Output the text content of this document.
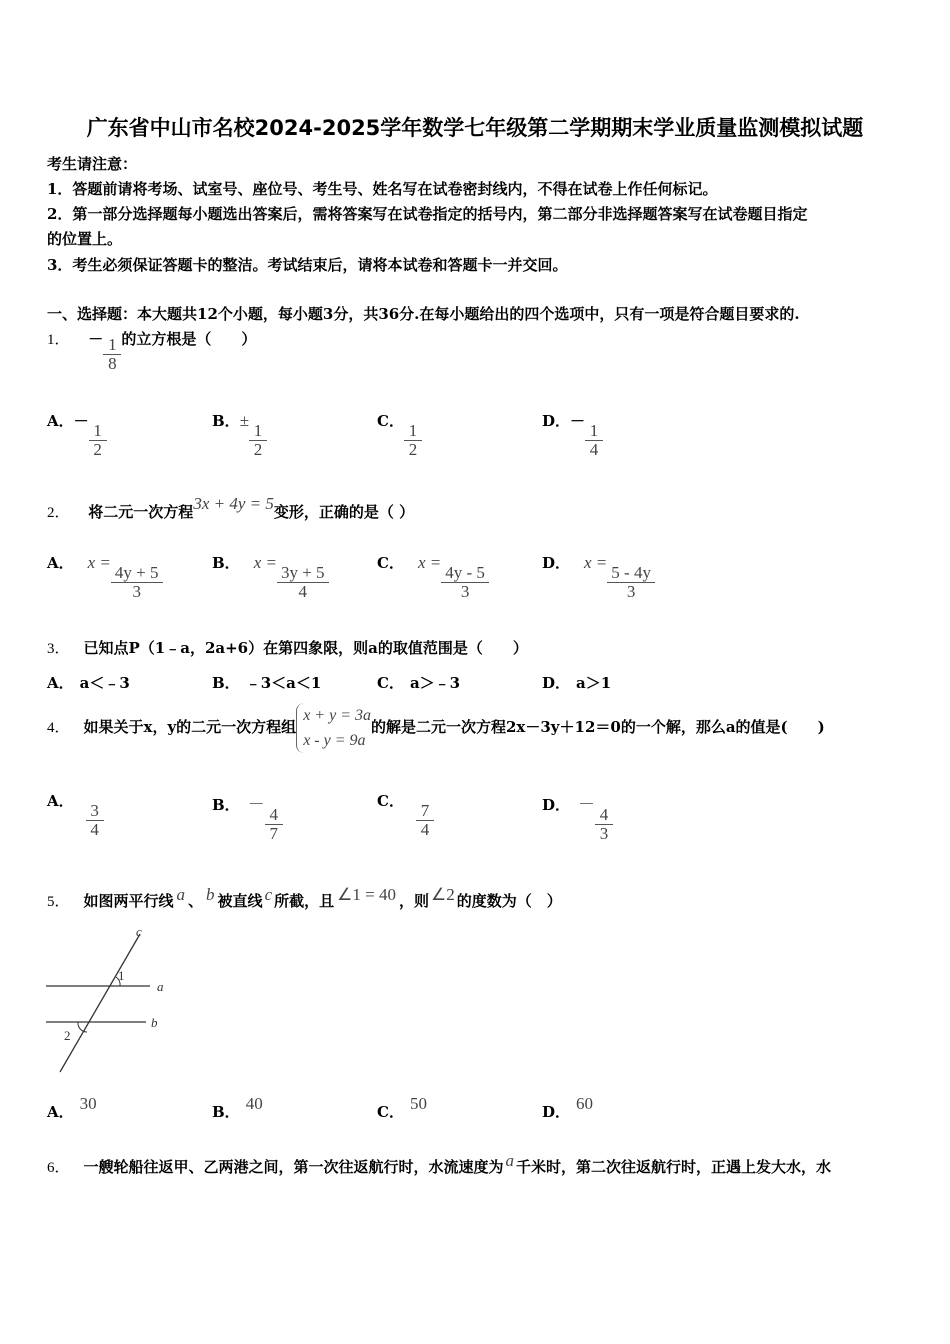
广东省中山市名校2024-2025学年数学七年级第二学期期末学业质量监测模拟试题
考生请注意：
1．答题前请将考场、试室号、座位号、考生号、姓名写在试卷密封线内，不得在试卷上作任何标记。
2．第一部分选择题每小题选出答案后，需将答案写在试卷指定的括号内，第二部分非选择题答案写在试卷题目指定
的位置上。
3．考生必须保证答题卡的整洁。考试结束后，请将本试卷和答题卡一并交回。
一、选择题：本大题共12个小题，每小题3分，共36分.在每小题给出的四个选项中，只有一项是符合题目要求的.
1． － $\frac{1}{8}$ 的立方根是（　　）
A．－
$\frac{1}{2}$
B．±
$\frac{1}{2}$
C．
$\frac{1}{2}$
D．－
$\frac{1}{4}$
2． 将二元一次方程3x + 4y = 5变形，正确的是（ ）
A． x =
$\frac{4y + 5}{3}$
B． x =
$\frac{3y + 5}{4}$
C． x =
$\frac{4y - 5}{3}$
D． x =
$\frac{5 - 4y}{3}$
3． 已知点P（1﹣a，2a+6）在第四象限，则a的取值范围是（　　）
A． a＜﹣3	B． ﹣3＜a＜1	C． a＞﹣3	D． a＞1
4． 如果关于x，y的二元一次方程组x + y = 3a
x - y = 9a的解是二元一次方程2x－3y＋12＝0的一个解，那么a的值是(　　)
A．
$\frac{3}{4}$	B． －
$\frac{4}{7}$
C．
$\frac{7}{4}$	D． －
$\frac{4}{3}$
5． 如图两平行线 a 、 b 被直线 c 所截，且 ∠1 = 40 ，则 ∠2 的度数为（　）
c
1
a
b
2
A． 30	B． 40	C． 50	D． 60
6． 一艘轮船往返甲、乙两港之间，第一次往返航行时，水流速度为 a 千米时，第二次往返航行时，正遇上发大水，水
